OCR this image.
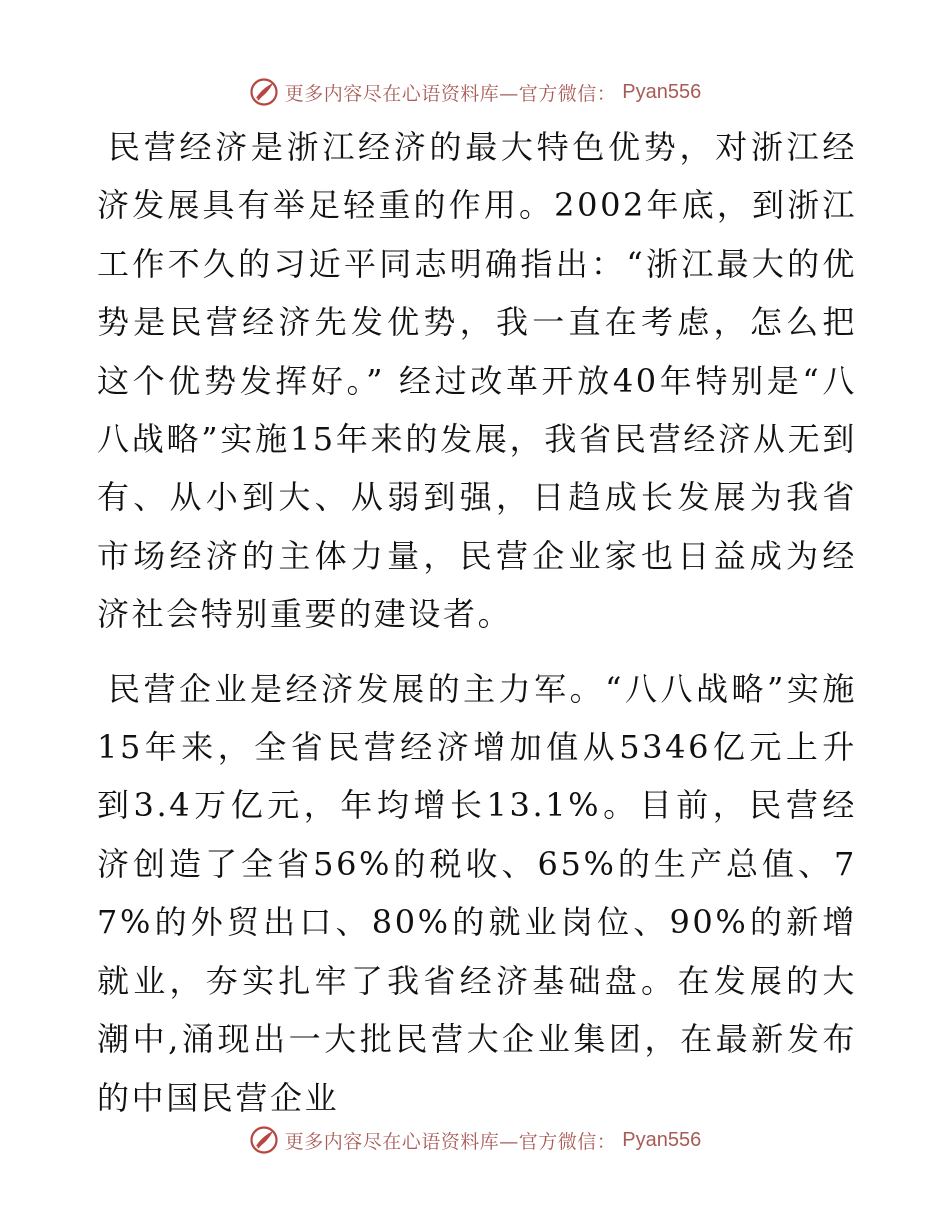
更多内容尽在心语资料库—官方微信： Pyan556

民营经济是浙江经济的最大特色优势，对浙江经济发展具有举足轻重的作用。2002年底，到浙江工作不久的习近平同志明确指出：“浙江最大的优势是民营经济先发优势，我一直在考虑，怎么把这个优势发挥好。” 经过改革开放40年特别是“八八战略”实施15年来的发展，我省民营经济从无到有、从小到大、从弱到强，日趋成长发展为我省市场经济的主体力量，民营企业家也日益成为经济社会特别重要的建设者。

民营企业是经济发展的主力军。“八八战略”实施15年来，全省民营经济增加值从5346亿元上升到3.4万亿元，年均增长13.1%。目前，民营经济创造了全省56%的税收、65%的生产总值、77%的外贸出口、80%的就业岗位、90%的新增就业，夯实扎牢了我省经济基础盘。在发展的大潮中,涌现出一大批民营大企业集团，在最新发布的中国民营企业

更多内容尽在心语资料库—官方微信： Pyan556
